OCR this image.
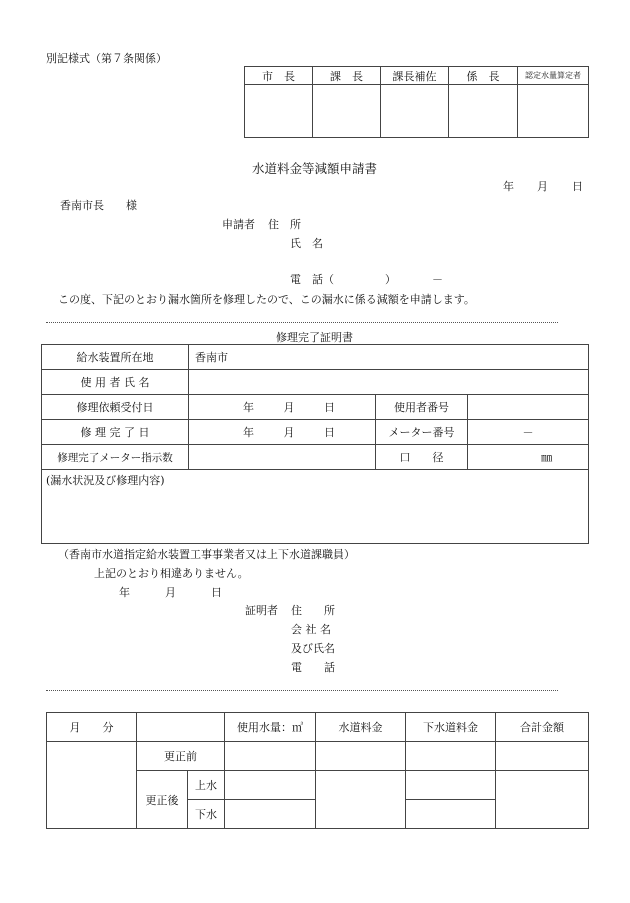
別記様式（第７条関係）
市　長	課　長	課長補佐	係　長	認定水量算定者

水道料金等減額申請書
年 月 日
香南市長　　様
申請者 住　所
氏　名
電　話（	）	－
この度、下記のとおり漏水箇所を修理したので、この漏水に係る減額を申請します。
修理完了証明書
給水装置所在地	香南市		
使 用 者 氏 名			
修理依頼受付日	年 月 日	使用者番号	
修 理 完 了 日	年 月 日	メーター番号	－
修理完了メーター指示数		口　　径	㎜
(漏水状況及び修理内容)			
（香南市水道指定給水装置工事事業者又は上下水道課職員）
上記のとおり相違ありません。
年	月	日
証明者 住　　所
会 社 名
及び氏名
電　　話
月　　分			使用水量：㎥	水道料金	下水道料金	合計金額
	更正前					
	更正後	上水				
		下水				
